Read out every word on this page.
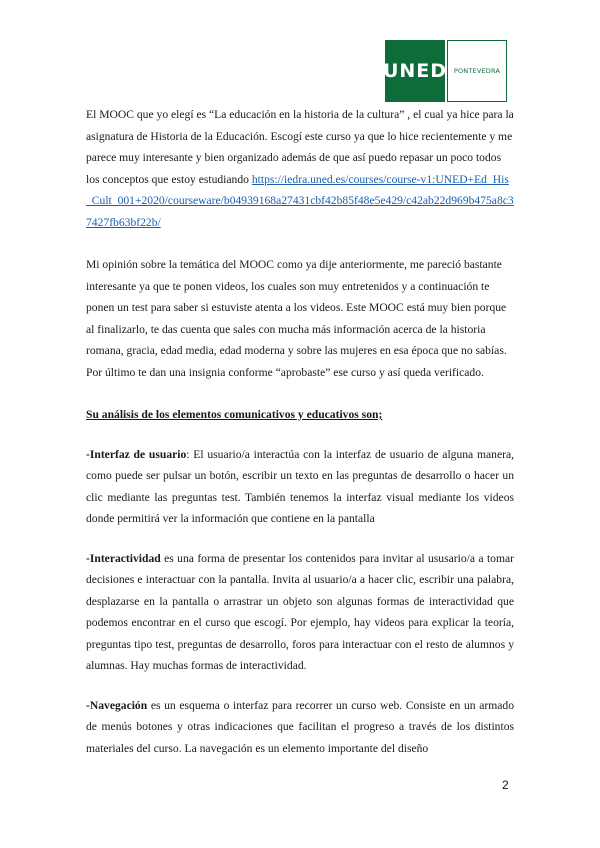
UNED	PONTEVEDRA

El MOOC que yo elegí es “La educación en la historia de la cultura” , el cual ya hice para la asignatura de Historia de la Educación. Escogí este curso ya que lo hice recientemente y me parece muy interesante y bien organizado además de que así puedo repasar un poco todos los conceptos que estoy estudiando https://iedra.uned.es/courses/course-v1:UNED+Ed_His_Cult_001+2020/courseware/b04939168a27431cbf42b85f48e5e429/c42ab22d969b475a8c37427fb63bf22b/

Mi opinión sobre la temática del MOOC como ya dije anteriormente, me pareció bastante interesante ya que te ponen videos, los cuales son muy entretenidos y a continuación te ponen un test para saber si estuviste atenta a los videos. Este MOOC está muy bien porque al finalizarlo, te das cuenta que sales con mucha más información acerca de la historia romana, gracia, edad media, edad moderna y sobre las mujeres en esa época que no sabías. Por último te dan una insignia conforme “aprobaste” ese curso y así queda verificado.

Su análisis de los elementos comunicativos y educativos son;

-Interfaz de usuario: El usuario/a interactúa con la interfaz de usuario de alguna manera, como puede ser pulsar un botón, escribir un texto en las preguntas de desarrollo o hacer un clic mediante las preguntas test. También tenemos la interfaz visual mediante los videos donde permitirá ver la información que contiene en la pantalla

-Interactividad es una forma de presentar los contenidos para invitar al ususario/a a tomar decisiones e interactuar con la pantalla. Invita al usuario/a a hacer clic, escribir una palabra, desplazarse en la pantalla o arrastrar un objeto son algunas formas de interactividad que podemos encontrar en el curso que escogí. Por ejemplo, hay videos para explicar la teoría, preguntas tipo test, preguntas de desarrollo, foros para interactuar con el resto de alumnos y alumnas. Hay muchas formas de interactividad.

-Navegación es un esquema o interfaz para recorrer un curso web. Consiste en un armado de menús botones y otras indicaciones que facilitan el progreso a través de los distintos materiales del curso. La navegación es un elemento importante del diseño

2
